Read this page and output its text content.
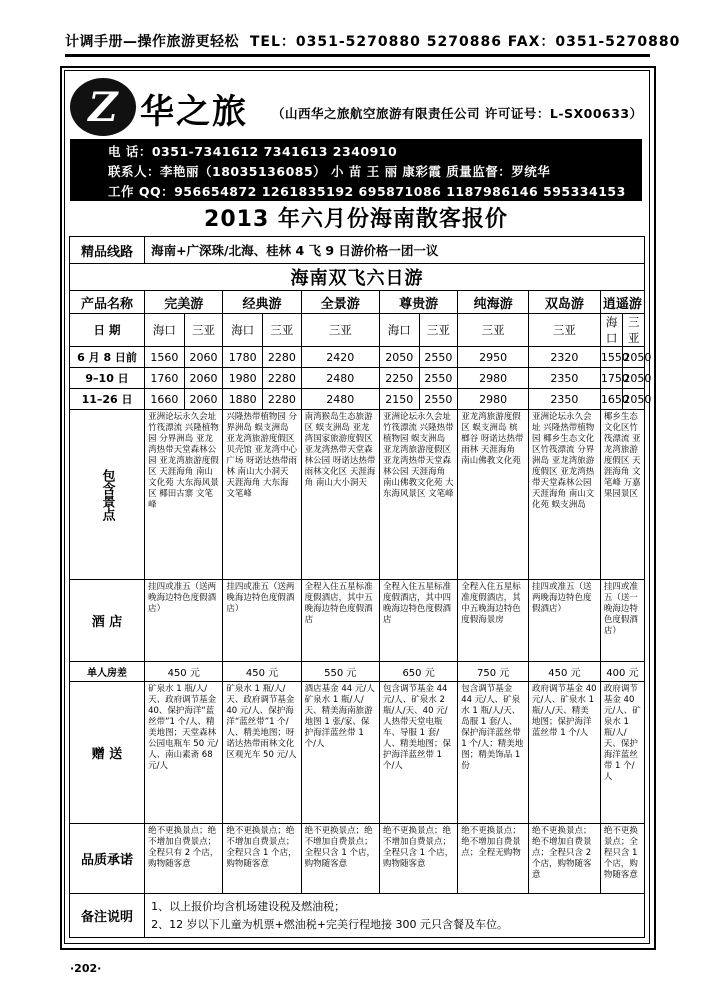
计调手册—操作旅游更轻松 TEL：0351-5270880 5270886 FAX：0351-5270880
Z 华之旅 （山西华之旅航空旅游有限责任公司 许可证号：L-SX00633）
电 话：0351-7341612 7341613 2340910
联系人：李艳丽（18035136085） 小 苗 王 丽 康彩霞 质量监督：罗统华
工作 QQ：956654872 1261835192 695871086 1187986146 595334153
2013 年六月份海南散客报价
精品线路	海南+广深珠/北海、桂林 4 飞 9 日游价格一团一议										
海南双飞六日游											
产品名称	完美游		经典游		全景游	尊贵游		纯海游	双岛游	逍遥游	
日 期	海口	三亚	海口	三亚	三亚	海口	三亚	三亚	三亚	海口	三亚
6 月 8 日前	1560	2060	1780	2280	2420	2050	2550	2950	2320	1550	2050
9–10 日	1760	2060	1980	2280	2480	2250	2550	2980	2350	1750	2050
11–26 日	1660	2060	1880	2280	2480	2150	2550	2980	2350	1650	2050
包含景点	亚洲论坛永久会址 竹筏漂流 兴隆植物园 分界洲岛 亚龙湾热带天堂森林公园 亚龙湾旅游度假区 天涯海角 南山文化苑 大东海风景区 椰田古寨 文笔峰		兴隆热带植物园 分界洲岛 蜈支洲岛 亚龙湾旅游度假区 贝壳馆 亚龙湾中心广场 呀诺达热带雨林 南山大小洞天 天涯海角 大东海 文笔峰		南湾猴岛生态旅游区 蜈支洲岛 亚龙湾国家旅游度假区 亚龙湾热带天堂森林公园 呀诺达热带雨林文化区 天涯海角 南山大小洞天	亚洲论坛永久会址 竹筏漂流 兴隆热带植物园 蜈支洲岛 亚龙湾旅游度假区 亚龙湾热带天堂森林公园 天涯海角 南山佛教文化苑 大东海风景区 文笔峰		亚龙湾旅游度假区 蜈支洲岛 槟榔谷 呀诺达热带雨林 天涯海角 南山佛教文化苑	亚洲论坛永久会址 兴隆热带植物园 椰乡生态文化区竹筏漂流 分界洲岛 亚龙湾旅游度假区 亚龙湾热带天堂森林公园 天涯海角 南山文化苑 蜈支洲岛	椰乡生态文化区竹筏漂流 亚龙湾旅游度假区 天涯海角 文笔峰 万嘉果园景区	
酒 店	挂四或准五（送两晚海边特色度假酒店）		挂四或准五（送两晚海边特色度假酒店）		全程入住五星标准度假酒店，其中五晚海边特色度假酒店	全程入住五星标准度假酒店，其中四晚海边特色度假酒店		全程入住五星标准度假酒店，其中五晚海边特色度假海景房	挂四或准五（送两晚海边特色度假酒店）	挂四或准五（送一晚海边特色度假酒店）	
单人房差	450 元		450 元		550 元	650 元		750 元	450 元	400 元	
赠 送	矿泉水 1 瓶/人/天、政府调节基金 40、保护海洋“蓝丝带”1 个/人、精美地图；天堂森林公园电瓶车 50 元/人、南山素斋 68 元/人		矿泉水 1 瓶/人/天、政府调节基金 40 元/人、保护海洋“蓝丝带”1 个/人、精美地图；呀诺达热带雨林文化区观光车 50 元/人		酒店基金 44 元/人矿泉水 1 瓶/人/天、精美海南旅游地图 1 张/家、保护海洋蓝丝带 1 个/人	包含调节基金 44 元/人、矿泉水 2 瓶/人/天、40 元/人热带天堂电瓶车、导服 1 套/人、精美地图；保护海洋蓝丝带 1 个/人		包含调节基金 44 元/人、矿泉水 1 瓶/人/天、岛服 1 套/人、保护海洋蓝丝带 1 个/人；精美地图；精美饰品 1 份	政府调节基金 40 元/人、矿泉水 1 瓶/人/天、精美地图；保护海洋蓝丝带 1 个/人	政府调节基金 40 元/人、矿泉水 1 瓶/人/天、保护海洋蓝丝带 1 个/人	
品质承诺	绝不更换景点；绝不增加自费景点；全程只有 2 个店，购物随客意		绝不更换景点；绝不增加自费景点；全程只含 1 个店，购物随客意		绝不更换景点；绝不增加自费景点；全程只含 1 个店，购物随客意	绝不更换景点；绝不增加自费景点；全程只含 1 个店，购物随客意		绝不更换景点；绝不增加自费景点；全程无购物	绝不更换景点；绝不增加自费景点；全程只含 2 个店，购物随客意	绝不更换景点；全程只含 1 个店，购物随客意	
备注说明	1、以上报价均含机场建设税及燃油税；
2、12 岁以下儿童为机票+燃油税+完美行程地接 300 元只含餐及车位。										
·202·
